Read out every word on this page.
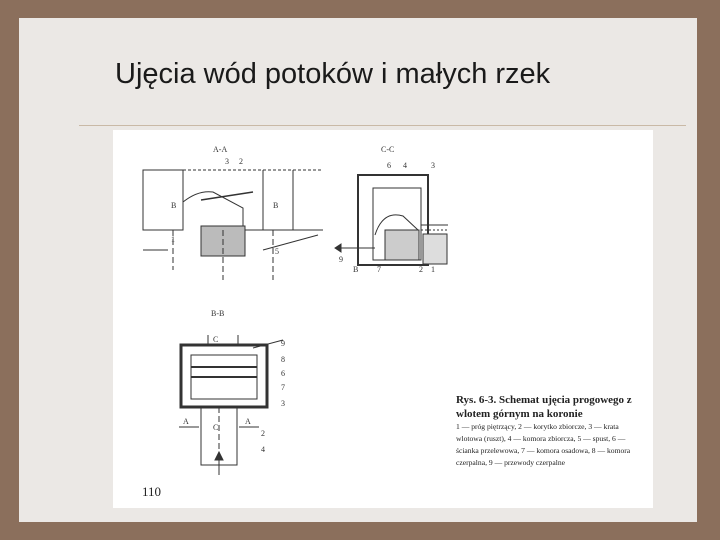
Ujęcia wód potoków i małych rzek
A-A
3 2
B	B
1
5
C-C
6 4	3
9
B 7	2 1
B-B
C	9
8
6
7
3
A
C
A
2
4

Rys. 6-3. Schemat ujęcia progowego z wlotem górnym na koronie

1 — próg piętrzący, 2 — korytko zbiorcze, 3 — krata wlotowa (ruszt), 4 — komora zbiorcza, 5 — spust, 6 — ścianka przelewowa, 7 — komora osadowa, 8 — komora czerpalna, 9 — przewody czerpalne

110
